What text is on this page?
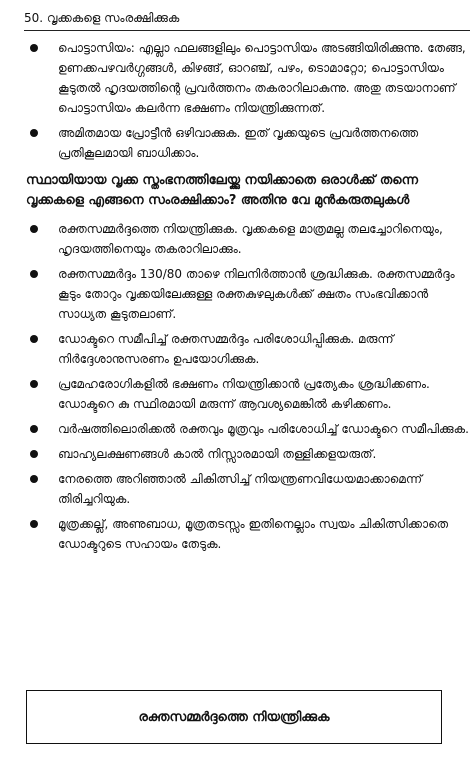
50. വൃക്കകളെ സംരക്ഷിക്കുക
പൊട്ടാസിയം: എല്ലാ ഫലങ്ങളിലും പൊട്ടാസിയം അടങ്ങിയിരിക്കുന്നു. തേങ്ങ, ഉണക്കപഴവർഗ്ഗങ്ങൾ, കിഴങ്ങ്, ഓറഞ്ച്, പഴം, ടൊമാറ്റോ; പൊട്ടാസിയം കൂടുതൽ ഹൃദയത്തിന്റെ പ്രവർത്തനം തകരാറിലാകുന്നു. അതു തടയാനാണ് പൊട്ടാസിയം കലർന്ന ഭക്ഷണം നിയന്ത്രിക്കുന്നത്.
അമിതമായ പ്രോട്ടീൻ ഒഴിവാക്കുക. ഇത് വൃക്കയുടെ പ്രവർത്തനത്തെ പ്രതികൂലമായി ബാധിക്കാം.
സ്ഥായിയായ വൃക്ക സ്തംഭനത്തിലേയ്ക്കു നയിക്കാതെ ഒരാൾക്ക് തന്നെ വൃക്കകളെ എങ്ങനെ സംരക്ഷിക്കാം? അതിനു വേ മുൻകരുതലുകൾ
രക്തസമ്മർദ്ദത്തെ നിയന്ത്രിക്കുക. വൃക്കകളെ മാത്രമല്ല തലച്ചോറിനെയും, ഹൃദയത്തിനെയും തകരാറിലാക്കും.
രക്തസമ്മർദ്ദം 130/80 താഴെ നിലനിർത്താൻ ശ്രദ്ധിക്കുക. രക്തസമ്മർദ്ദം കൂടും തോറും വൃക്കയിലേക്കുള്ള രക്തകുഴലുകൾക്ക് ക്ഷതം സംഭവിക്കാൻ സാധ്യത കൂടുതലാണ്.
ഡോക്ടറെ സമീപിച്ച് രക്തസമ്മർദ്ദം പരിശോധിപ്പിക്കുക. മരുന്ന് നിർദ്ദേശാനുസരണം ഉപയോഗിക്കുക.
പ്രമേഹരോഗികളിൽ ഭക്ഷണം നിയന്ത്രിക്കാൻ പ്രത്യേകം ശ്രദ്ധിക്കണം. ഡോക്ടറെ കു സ്ഥിരമായി മരുന്ന് ആവശ്യമെങ്കിൽ കഴിക്കണം.
വർഷത്തിലൊരിക്കൽ രക്തവും മൂത്രവും പരിശോധിച്ച് ഡോക്ടറെ സമീപിക്കുക.
ബാഹ്യലക്ഷണങ്ങൾ കാൽ നിസ്സാരമായി തള്ളിക്കളയരുത്.
നേരത്തെ അറിഞ്ഞാൽ ചികിത്സിച്ച് നിയന്ത്രണവിധേയമാക്കാമെന്ന് തിരിച്ചറിയുക.
മൂത്രക്കല്ല്, അണുബാധ, മൂത്രതടസ്സം ഇതിനെല്ലാം സ്വയം ചികിത്സിക്കാതെ ഡോക്ടറുടെ സഹായം തേടുക.
രക്തസമ്മർദ്ദത്തെ നിയന്ത്രിക്കുക
